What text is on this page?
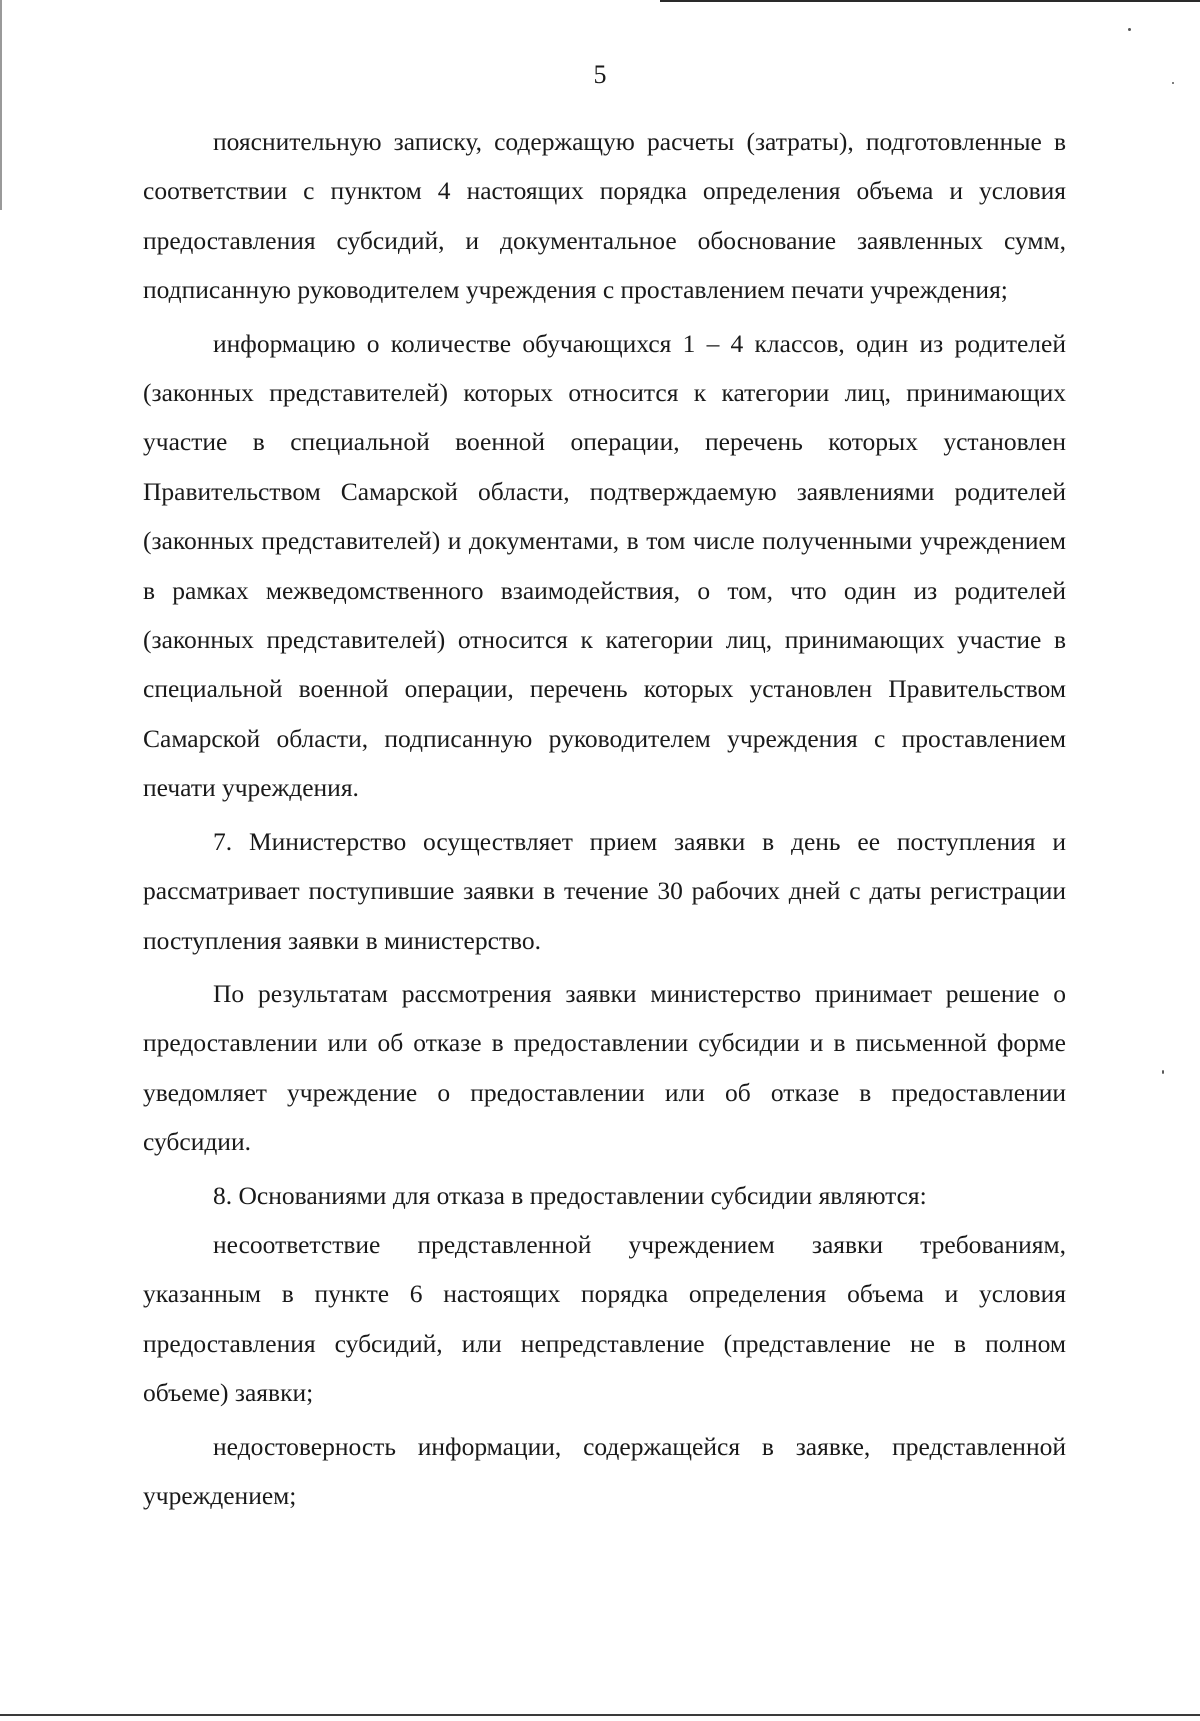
5

пояснительную записку, содержащую расчеты (затраты), подготовленные в соответствии с пунктом 4 настоящих порядка определения объема и условия предоставления субсидий, и документальное обоснование заявленных сумм, подписанную руководителем учреждения с проставлением печати учреждения;

информацию о количестве обучающихся 1 – 4 классов, один из родителей (законных представителей) которых относится к категории лиц, принимающих участие в специальной военной операции, перечень которых установлен Правительством Самарской области, подтверждаемую заявлениями родителей (законных представителей) и документами, в том числе полученными учреждением в рамках межведомственного взаимодействия, о том, что один из родителей (законных представителей) относится к категории лиц, принимающих участие в специальной военной операции, перечень которых установлен Правительством Самарской области, подписанную руководителем учреждения с проставлением печати учреждения.

7. Министерство осуществляет прием заявки в день ее поступления и рассматривает поступившие заявки в течение 30 рабочих дней с даты регистрации поступления заявки в министерство.

По результатам рассмотрения заявки министерство принимает решение о предоставлении или об отказе в предоставлении субсидии и в письменной форме уведомляет учреждение о предоставлении или об отказе в предоставлении субсидии.

8. Основаниями для отказа в предоставлении субсидии являются:

несоответствие представленной учреждением заявки требованиям, указанным в пункте 6 настоящих порядка определения объема и условия предоставления субсидий, или непредставление (представление не в полном объеме) заявки;

недостоверность информации, содержащейся в заявке, представленной учреждением;
